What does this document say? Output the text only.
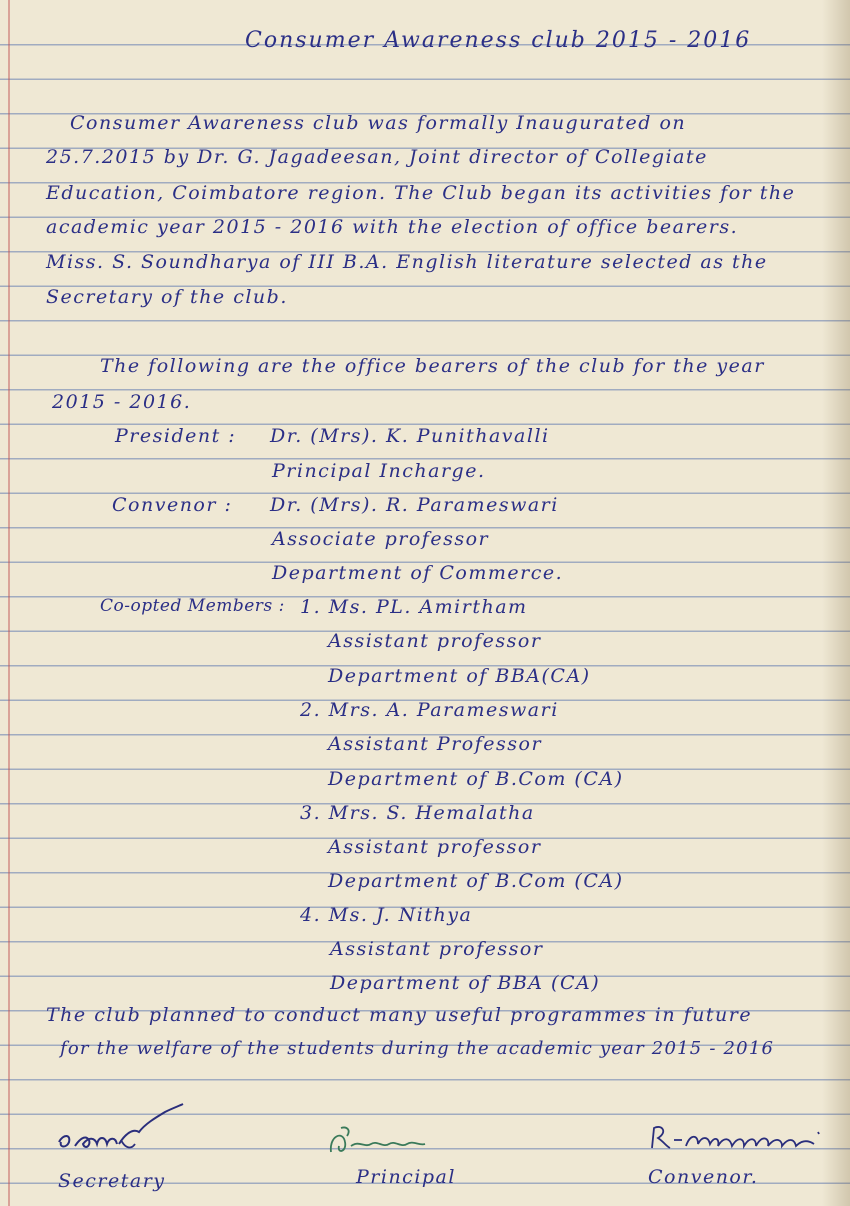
Consumer Awareness club 2015 - 2016
Consumer Awareness club was formally Inaugurated on
25.7.2015 by Dr. G. Jagadeesan, Joint director of Collegiate
Education, Coimbatore region. The Club began its activities for the
academic year 2015 - 2016 with the election of office bearers.
Miss. S. Soundharya of III B.A. English literature selected as the
Secretary of the club.
The following are the office bearers of the club for the year
2015 - 2016.
President : Dr. (Mrs). K. Punithavalli
Principal Incharge.
Convenor : Dr. (Mrs). R. Parameswari
Associate professor
Department of Commerce.
Co-opted Members : 1. Ms. PL. Amirtham
Assistant professor
Department of BBA(CA)
2. Mrs. A. Parameswari
Assistant Professor
Department of B.Com (CA)
3. Mrs. S. Hemalatha
Assistant professor
Department of B.Com (CA)
4. Ms. J. Nithya
Assistant professor
Department of BBA (CA)
The club planned to conduct many useful programmes in future
for the welfare of the students during the academic year 2015 - 2016
Secretary	Principal	Convenor.
